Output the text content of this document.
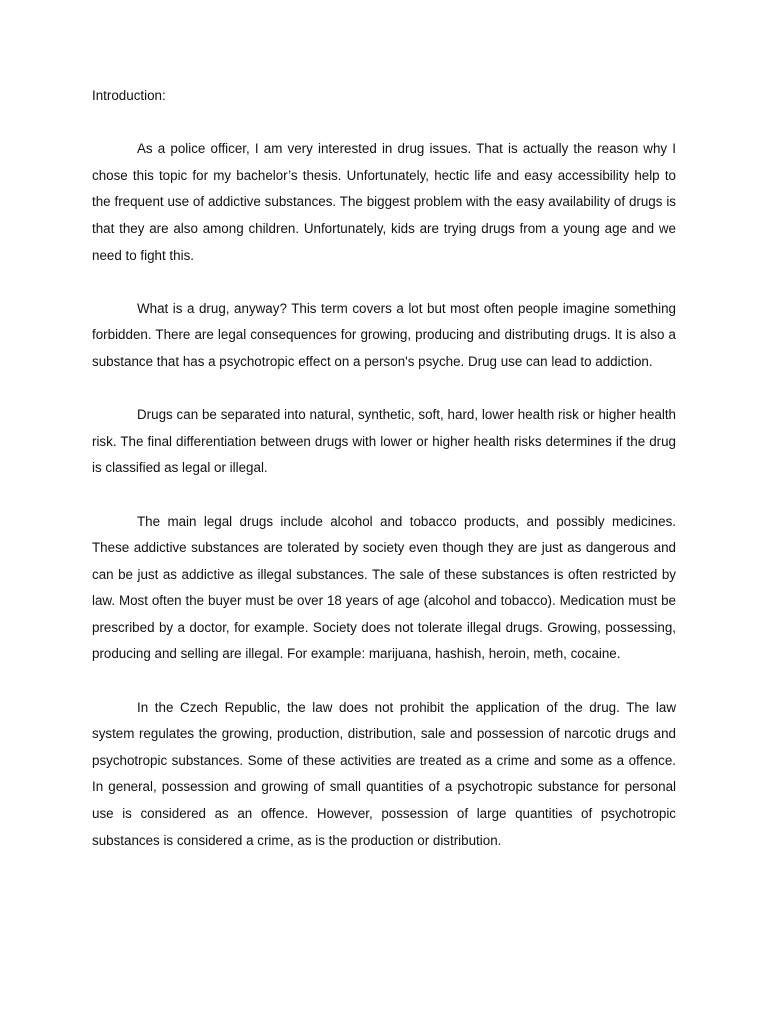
Introduction:

As a police officer, I am very interested in drug issues. That is actually the reason why I chose this topic for my bachelor’s thesis. Unfortunately, hectic life and easy accessibility help to the frequent use of addictive substances. The biggest problem with the easy availability of drugs is that they are also among children. Unfortunately, kids are trying drugs from a young age and we need to fight this.

What is a drug, anyway? This term covers a lot but most often people imagine something forbidden. There are legal consequences for growing, producing and distributing drugs. It is also a substance that has a psychotropic effect on a person's psyche. Drug use can lead to addiction.

Drugs can be separated into natural, synthetic, soft, hard, lower health risk or higher health risk. The final differentiation between drugs with lower or higher health risks determines if the drug is classified as legal or illegal.

The main legal drugs include alcohol and tobacco products, and possibly medicines. These addictive substances are tolerated by society even though they are just as dangerous and can be just as addictive as illegal substances. The sale of these substances is often restricted by law. Most often the buyer must be over 18 years of age (alcohol and tobacco). Medication must be prescribed by a doctor, for example. Society does not tolerate illegal drugs. Growing, possessing, producing and selling are illegal. For example: marijuana, hashish, heroin, meth, cocaine.

In the Czech Republic, the law does not prohibit the application of the drug. The law system regulates the growing, production, distribution, sale and possession of narcotic drugs and psychotropic substances. Some of these activities are treated as a crime and some as a offence. In general, possession and growing of small quantities of a psychotropic substance for personal use is considered as an offence. However, possession of large quantities of psychotropic substances is considered a crime, as is the production or distribution.
